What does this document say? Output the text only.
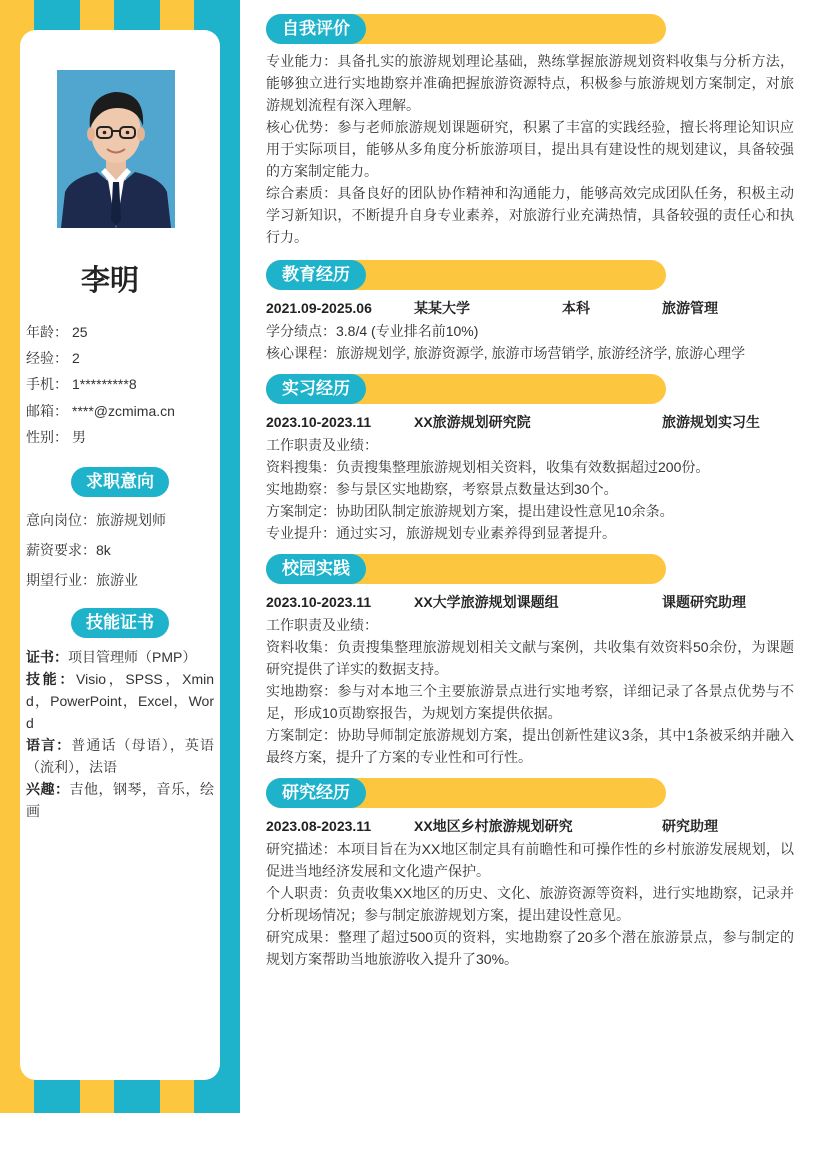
李明
年龄： 25
经验： 2
手机： 1*********8
邮箱： ****@zcmima.cn
性别： 男
求职意向
意向岗位：旅游规划师
薪资要求：8k
期望行业：旅游业
技能证书
证书：项目管理师（PMP）
技能：Visio，SPSS，Xmind，PowerPoint，Excel，Word
语言：普通话（母语），英语（流利），法语
兴趣：吉他，钢琴，音乐，绘画
自我评价
专业能力：具备扎实的旅游规划理论基础，熟练掌握旅游规划资料收集与分析方法，能够独立进行实地勘察并准确把握旅游资源特点，积极参与旅游规划方案制定，对旅游规划流程有深入理解。
核心优势：参与老师旅游规划课题研究，积累了丰富的实践经验，擅长将理论知识应用于实际项目，能够从多角度分析旅游项目，提出具有建设性的规划建议，具备较强的方案制定能力。
综合素质：具备良好的团队协作精神和沟通能力，能够高效完成团队任务，积极主动学习新知识，不断提升自身专业素养，对旅游行业充满热情，具备较强的责任心和执行力。
教育经历
2021.09-2025.06	某某大学	本科	旅游管理
学分绩点：3.8/4 (专业排名前10%)
核心课程：旅游规划学, 旅游资源学, 旅游市场营销学, 旅游经济学, 旅游心理学
实习经历
2023.10-2023.11	XX旅游规划研究院	旅游规划实习生
工作职责及业绩：
资料搜集：负责搜集整理旅游规划相关资料，收集有效数据超过200份。
实地勘察：参与景区实地勘察，考察景点数量达到30个。
方案制定：协助团队制定旅游规划方案，提出建设性意见10余条。
专业提升：通过实习，旅游规划专业素养得到显著提升。
校园实践
2023.10-2023.11	XX大学旅游规划课题组	课题研究助理
工作职责及业绩：
资料收集：负责搜集整理旅游规划相关文献与案例，共收集有效资料50余份，为课题研究提供了详实的数据支持。
实地勘察：参与对本地三个主要旅游景点进行实地考察，详细记录了各景点优势与不足，形成10页勘察报告，为规划方案提供依据。
方案制定：协助导师制定旅游规划方案，提出创新性建议3条，其中1条被采纳并融入最终方案，提升了方案的专业性和可行性。
研究经历
2023.08-2023.11	XX地区乡村旅游规划研究	研究助理
研究描述：本项目旨在为XX地区制定具有前瞻性和可操作性的乡村旅游发展规划，以促进当地经济发展和文化遗产保护。
个人职责：负责收集XX地区的历史、文化、旅游资源等资料，进行实地勘察，记录并分析现场情况；参与制定旅游规划方案，提出建设性意见。
研究成果：整理了超过500页的资料，实地勘察了20多个潜在旅游景点，参与制定的规划方案帮助当地旅游收入提升了30%。
